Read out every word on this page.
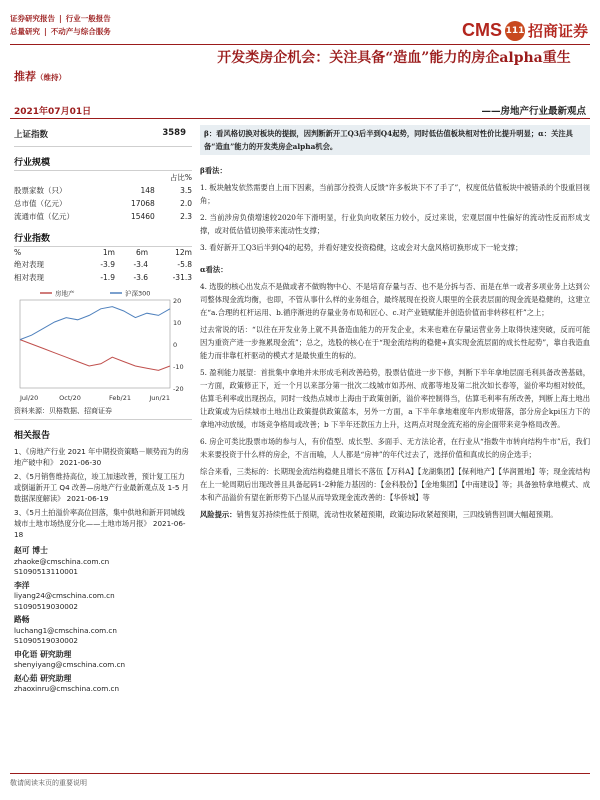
证券研究报告 | 行业一般报告
总量研究 | 不动产与综合服务	CMS 111 招商证券
推荐（维持）
开发类房企机会：关注具备“造血”能力的房企alpha重生
2021年07月01日	——房地产行业最新观点
上证指数	3589
行业规模
		占比%
股票家数（只）	148	3.5
总市值（亿元）	17068	2.0
流通市值（亿元）	15460	2.3
行业指数
%	1m	6m	12m
绝对表现	-3.9	-3.4	-5.8
相对表现	-1.9	-3.6	-31.3
20
10
0
-10
-20
Jul/20	Oct/20	Feb/21	Jun/21
房地产	沪深300
资料来源：贝格数据、招商证券
相关报告
1、《房地产行业 2021 年中期投资策略－顺势而为的房地产破中和》 2021-06-30
2、《5月销售维持高位，竣工加速改善，预计复工压力或倒逼新开工 Q4 改善—房地产行业最新观点及 1-5 月数据深度解读》 2021-06-19
3、《5月土拍溢价率高位回落，集中供地和新开同城线城市土地市场热度分化——土地市场月报》 2021-06-18
赵可 博士
zhaoke@cmschina.com.cn
S1090513110001
李洋
liyang24@cmschina.com.cn
S1090519030002
路畅
luchang1@cmschina.com.cn
S1090519030002
申化语 研究助理
shenyiyang@cmschina.com.cn
赵心茹 研究助理
zhaoxinru@cmschina.com.cn
β：看风格切换对板块的提振，因判断新开工Q3后半到Q4起势，同时低估值板块相对性价比提升明显；α：关注具备“造血”能力的开发类房企alpha机会。
β看法：

1. 板块触发依然需要自上而下因素，当前部分投资人反馈“许多板块下不了手了”，权度低估值板块中被错杀的个股重回视角；

2. 当前涉房负债增速较2020年下滑明显，行业负向收紧压力较小，反过来说，宏观层面中性偏好的流动性反而形成支撑，或对低估值切换带来流动性支撑；

3. 看好新开工Q3后半到Q4的起势，并看好建安投资稳健，这或会对大盘风格切换形成下一轮支撑；

α看法：

4. 选股的核心出发点不是做或者不做购物中心、不是培育存量与否、也不是分拆与否、而是在单一或者多项业务上达到公司整体现金流均衡，也即，不管从事什么样的业务组合，最终展现在投资人眼里的全获表层面的现金流是稳健的，这建立在“a.合理的杠杆运用、b.循序渐进的存量业务布局和匠心、c.对产业链赋能并创造价值而非转移杠杆”之上；

过去常说的话：“以往在开发业务上就不具备造血能力的开发企业，未来也难在存量运营业务上取得快速突破，反而可能因为重资产进一步拖累现金流”；总之，选股的核心在于“现金流结构的稳健+真实现金流层面的成长性起势”，靠自我造血能力而非靠杠杆驱动的模式才是最快重生的标的。

5. 盈利能力展望：首批集中拿地并未形成毛利改善趋势，股票估值进一步下修，判断下半年拿地层面毛利具备改善基础，一方面，政策修正下，近一个月以来部分第一批次二线城市如苏州、成都等地及第二批次如长春等，溢价率均相对较低，估算毛利率或出现拐点，同时一线热点城市上海由于政策创新，溢价率控制得当，估算毛利率有所改善，判断上海土地出让政策或为后续城市土地出让政策提供政策蓝本，另外一方面，a 下半年拿地难度年内形成错落，部分房企kpi压力下的拿地冲动放缓，市场竞争格局或改善；b 下半年还款压力上升，这两点对现金流充裕的房企面带来竞争格局改善。

6. 房企可类比股票市场的参与人，有价值型、成长型、多面手、无方法论者，在行业从“指数牛市转向结构牛市”后，我们未来要投资于什么样的房企，不言而喻，人人都是“房神”的年代过去了，选择价值和真成长的房企选手；

综合来看，三类标的：长期现金流结构稳健且增长不落伍【万科A】【龙湖集团】【保利地产】【华润置地】等；现金流结构在上一轮周期后出现改善且具备起码1-2种能力基因的：【金科股份】【金地集团】【中南建设】等；具备独特拿地模式、成本和产品溢价有望在新形势下凸显从而导致现金流改善的：【华侨城】等

风险提示：销售复苏持续性低于预期，流动性收紧超预期，政策边际收紧超预期，三四线销售回调大幅超预期。

敬请阅读末页的重要说明
